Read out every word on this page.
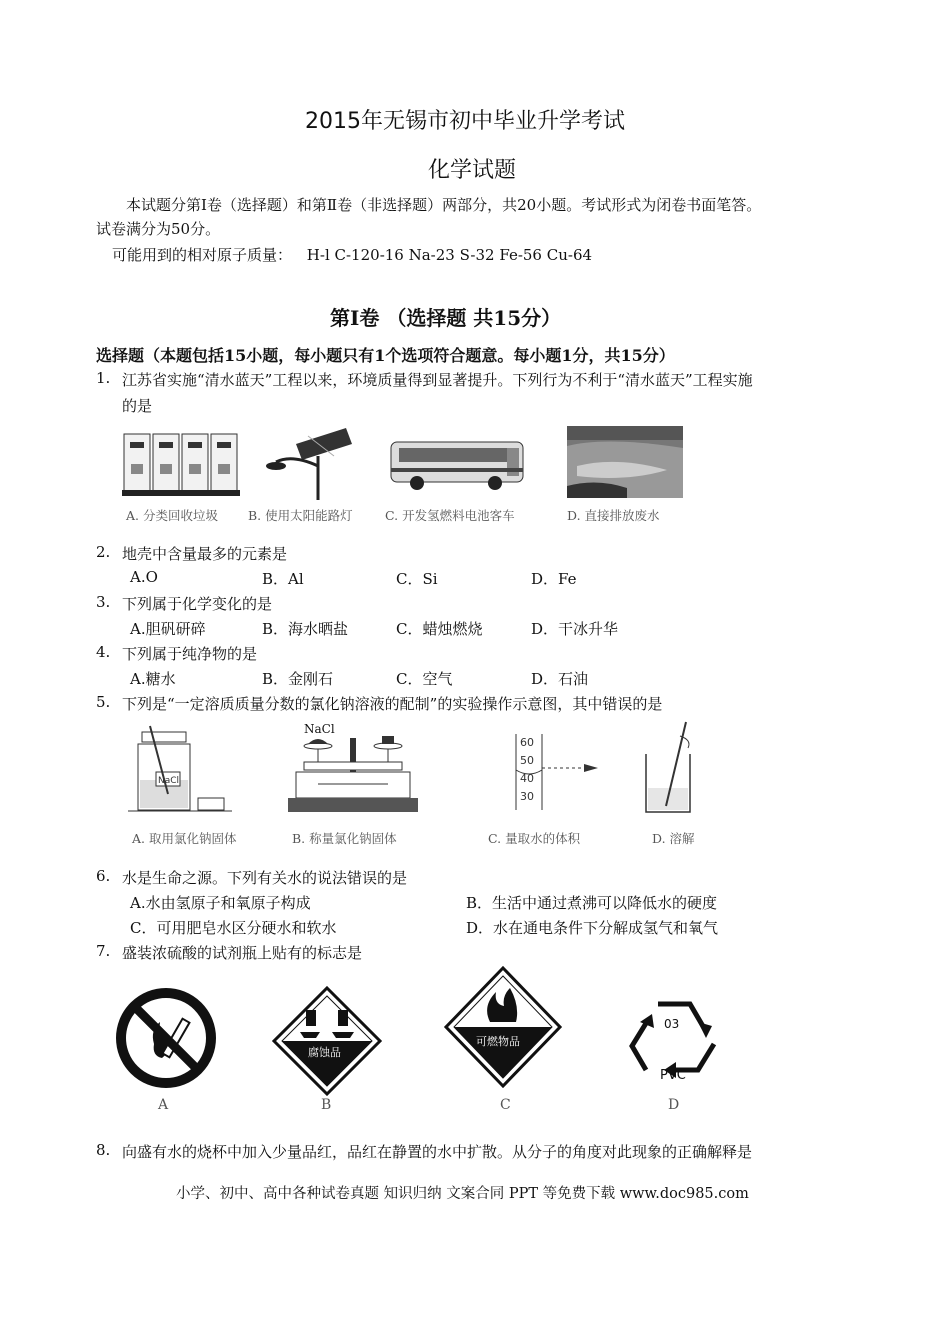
2015年无锡市初中毕业升学考试
化学试题
本试题分第Ⅰ卷（选择题）和第Ⅱ卷（非选择题）两部分，共20小题。考试形式为闭卷书面笔答。
试卷满分为50分。
可能用到的相对原子质量： H-l C-120-16 Na-23 S-32 Fe-56 Cu-64
第Ⅰ卷 （选择题 共15分）
选择题（本题包括15小题，每小题只有1个选项符合题意。每小题1分，共15分）
1. 江苏省实施“清水蓝天”工程以来，环境质量得到显著提升。下列行为不利于“清水蓝天”工程实施
的是
A. 分类回收垃圾 B. 使用太阳能路灯	C. 开发氢燃料电池客车	D. 直接排放废水
2. 地壳中含量最多的元素是
A.O	B．Al	C．Si	D．Fe
3. 下列属于化学变化的是
A.胆矾研碎	B．海水晒盐	C．蜡烛燃烧	D．干冰升华
4. 下列属于纯净物的是
A.糖水	B．金刚石	C．空气	D．石油
5. 下列是“一定溶质质量分数的氯化钠溶液的配制”的实验操作示意图，其中错误的是
NaCl
NaCl
60
50
40
30
A. 取用氯化钠固体	B. 称量氯化钠固体	C. 量取水的体积	D. 溶解
6. 水是生命之源。下列有关水的说法错误的是
A.水由氢原子和氧原子构成	B．生活中通过煮沸可以降低水的硬度
C．可用肥皂水区分硬水和软水	D．水在通电条件下分解成氢气和氧气
7. 盛装浓硫酸的试剂瓶上贴有的标志是
腐蚀品
可燃物品
03
PVC
A	B	C	D
8. 向盛有水的烧杯中加入少量品红，品红在静置的水中扩散。从分子的角度对此现象的正确解释是
小学、初中、高中各种试卷真题 知识归纳 文案合同 PPT 等免费下载 www.doc985.com
